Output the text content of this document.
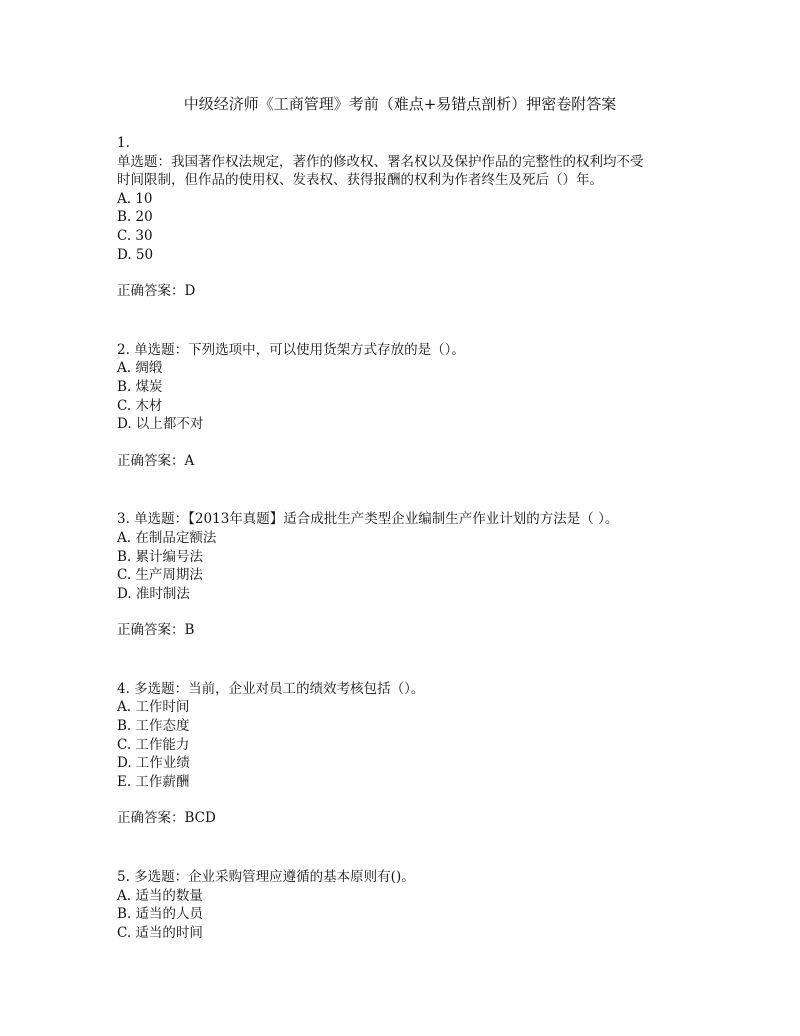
中级经济师《工商管理》考前（难点+易错点剖析）押密卷附答案
1.
单选题：我国著作权法规定，著作的修改权、署名权以及保护作品的完整性的权利均不受
时间限制，但作品的使用权、发表权、获得报酬的权利为作者终生及死后（）年。
A. 10
B. 20
C. 30
D. 50
正确答案：D
2. 单选题：下列选项中，可以使用货架方式存放的是（）。
A. 绸缎
B. 煤炭
C. 木材
D. 以上都不对
正确答案：A
3. 单选题：【2013年真题】适合成批生产类型企业编制生产作业计划的方法是（ ）。
A. 在制品定额法
B. 累计编号法
C. 生产周期法
D. 准时制法
正确答案：B
4. 多选题：当前，企业对员工的绩效考核包括（）。
A. 工作时间
B. 工作态度
C. 工作能力
D. 工作业绩
E. 工作薪酬
正确答案：BCD
5. 多选题：企业采购管理应遵循的基本原则有()。
A. 适当的数量
B. 适当的人员
C. 适当的时间
